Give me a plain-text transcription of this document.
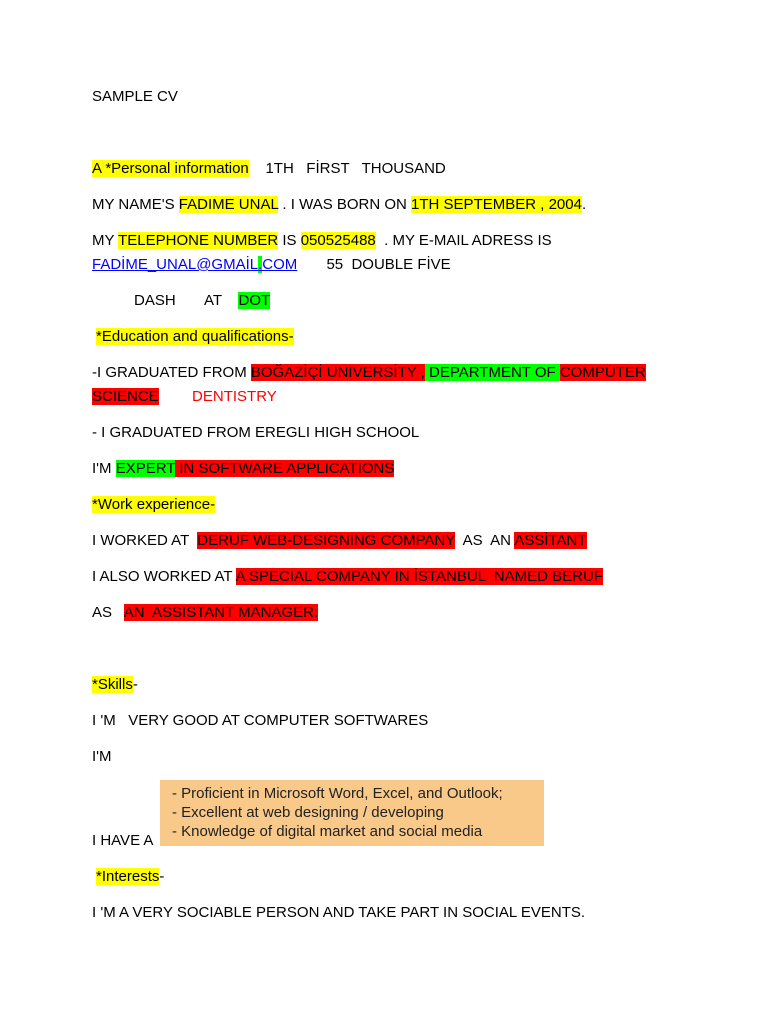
SAMPLE CV
A *Personal information 1TH   FİRST   THOUSAND
MY NAME'S FADIME UNAL . I WAS BORN ON 1TH SEPTEMBER , 2004.
MY TELEPHONE NUMBER IS 050525488  . MY E-MAIL ADRESS IS
FADİME_UNAL@GMAİL.COM       55  DOUBLE FİVE
DASH       AT    DOT
*Education and qualifications-
-I GRADUATED FROM BOĞAZİÇİ UNIVERSİTY , DEPARTMENT OF COMPUTER
SCIENCE DENTISTRY
- I GRADUATED FROM EREGLI HIGH SCHOOL
I'M EXPERT IN SOFTWARE APPLICATIONS
*Work experience-
I WORKED AT  DERUF WEB-DESIGNING COMPANY  AS  AN ASSİTANT
I ALSO WORKED AT A SPECIAL COMPANY IN İSTANBUL  NAMED BERUF
AS   AN  ASSISTANT MANAGER.
*Skills-
I 'M   VERY GOOD AT COMPUTER SOFTWARES
I'M
- Proficient in Microsoft Word, Excel, and Outlook;
- Excellent at web designing / developing
- Knowledge of digital market and social media
I HAVE A
*Interests-
I 'M A VERY SOCIABLE PERSON AND TAKE PART IN SOCIAL EVENTS.
